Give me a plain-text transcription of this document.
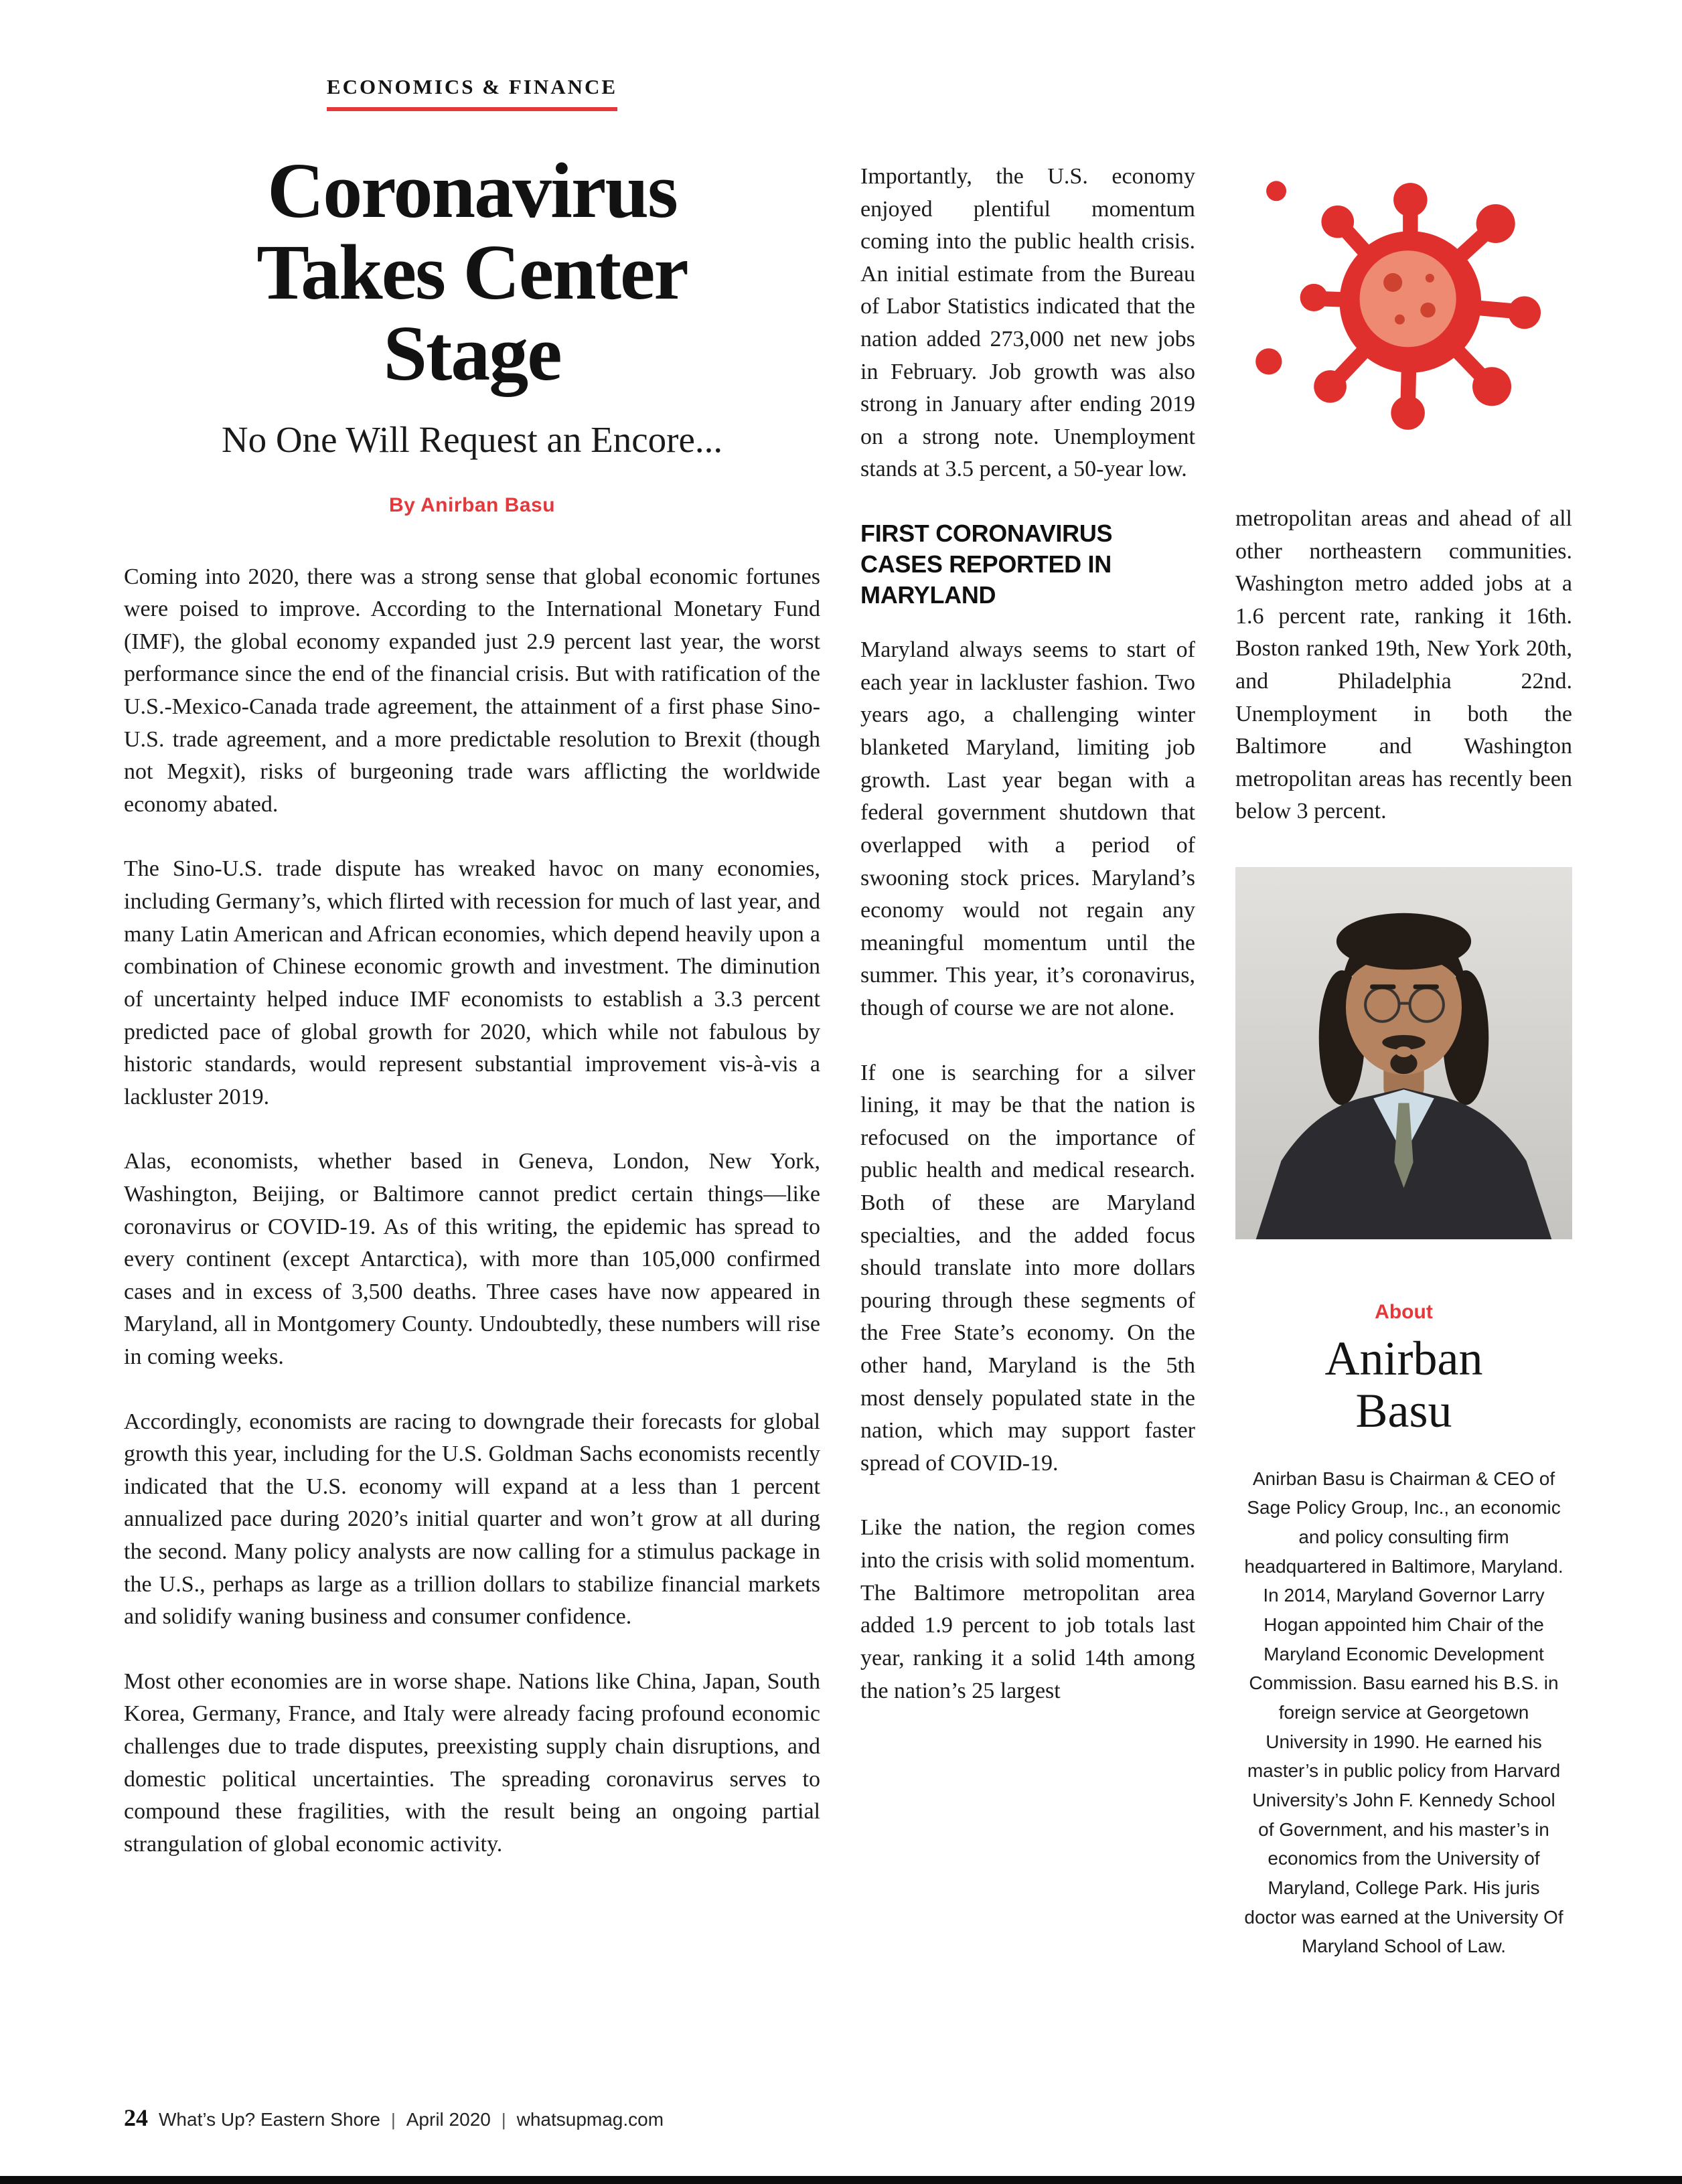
ECONOMICS & FINANCE
Coronavirus
Takes Center
Stage
No One Will Request an Encore...
By Anirban Basu

Coming into 2020, there was a strong sense that global economic fortunes were poised to improve. According to the International Monetary Fund (IMF), the global economy expanded just 2.9 percent last year, the worst performance since the end of the financial crisis. But with ratification of the U.S.-Mexico-Canada trade agreement, the attainment of a first phase Sino-U.S. trade agreement, and a more predictable resolution to Brexit (though not Megxit), risks of burgeoning trade wars afflicting the worldwide economy abated.

The Sino-U.S. trade dispute has wreaked havoc on many economies, including Germany’s, which flirted with recession for much of last year, and many Latin American and African economies, which depend heavily upon a combination of Chinese economic growth and investment. The diminution of uncertainty helped induce IMF economists to establish a 3.3 percent predicted pace of global growth for 2020, which while not fabulous by historic standards, would represent substantial improvement vis-à-vis a lackluster 2019.

Alas, economists, whether based in Geneva, London, New York, Washington, Beijing, or Baltimore cannot predict certain things—like coronavirus or COVID-19. As of this writing, the epidemic has spread to every continent (except Antarctica), with more than 105,000 confirmed cases and in excess of 3,500 deaths. Three cases have now appeared in Maryland, all in Montgomery County. Undoubtedly, these numbers will rise in coming weeks.

Accordingly, economists are racing to downgrade their forecasts for global growth this year, including for the U.S. Goldman Sachs economists recently indicated that the U.S. economy will expand at a less than 1 percent annualized pace during 2020’s initial quarter and won’t grow at all during the second. Many policy analysts are now calling for a stimulus package in the U.S., perhaps as large as a trillion dollars to stabilize financial markets and solidify waning business and consumer confidence.

Most other economies are in worse shape. Nations like China, Japan, South Korea, Germany, France, and Italy were already facing profound economic challenges due to trade disputes, preexisting supply chain disruptions, and domestic political uncertainties. The spreading coronavirus serves to compound these fragilities, with the result being an ongoing partial strangulation of global economic activity.

Importantly, the U.S. economy enjoyed plentiful momentum coming into the public health crisis. An initial estimate from the Bureau of Labor Statistics indicated that the nation added 273,000 net new jobs in February. Job growth was also strong in January after ending 2019 on a strong note. Unemployment stands at 3.5 percent, a 50-year low.

FIRST CORONAVIRUS CASES REPORTED IN MARYLAND

Maryland always seems to start of each year in lackluster fashion. Two years ago, a challenging winter blanketed Maryland, limiting job growth. Last year began with a federal government shutdown that overlapped with a period of swooning stock prices. Maryland’s economy would not regain any meaningful momentum until the summer. This year, it’s coronavirus, though of course we are not alone.

If one is searching for a silver lining, it may be that the nation is refocused on the importance of public health and medical research. Both of these are Maryland specialties, and the added focus should translate into more dollars pouring through these segments of the Free State’s economy. On the other hand, Maryland is the 5th most densely populated state in the nation, which may support faster spread of COVID-19.

Like the nation, the region comes into the crisis with solid momentum. The Baltimore metropolitan area added 1.9 percent to job totals last year, ranking it a solid 14th among the nation’s 25 largest

metropolitan areas and ahead of all other northeastern communities. Washington metro added jobs at a 1.6 percent rate, ranking it 16th. Boston ranked 19th, New York 20th, and Philadelphia 22nd. Unemployment in both the Baltimore and Washington metropolitan areas has recently been below 3 percent.

About
Anirban
Basu
Anirban Basu is Chairman & CEO of Sage Policy Group, Inc., an economic and policy consulting firm headquartered in Baltimore, Maryland. In 2014, Maryland Governor Larry Hogan appointed him Chair of the Maryland Economic Development Commission. Basu earned his B.S. in foreign service at Georgetown University in 1990. He earned his master’s in public policy from Harvard University’s John F. Kennedy School of Government, and his master’s in economics from the University of Maryland, College Park. His juris doctor was earned at the University Of Maryland School of Law.
24 What’s Up? Eastern Shore | April 2020 | whatsupmag.com
